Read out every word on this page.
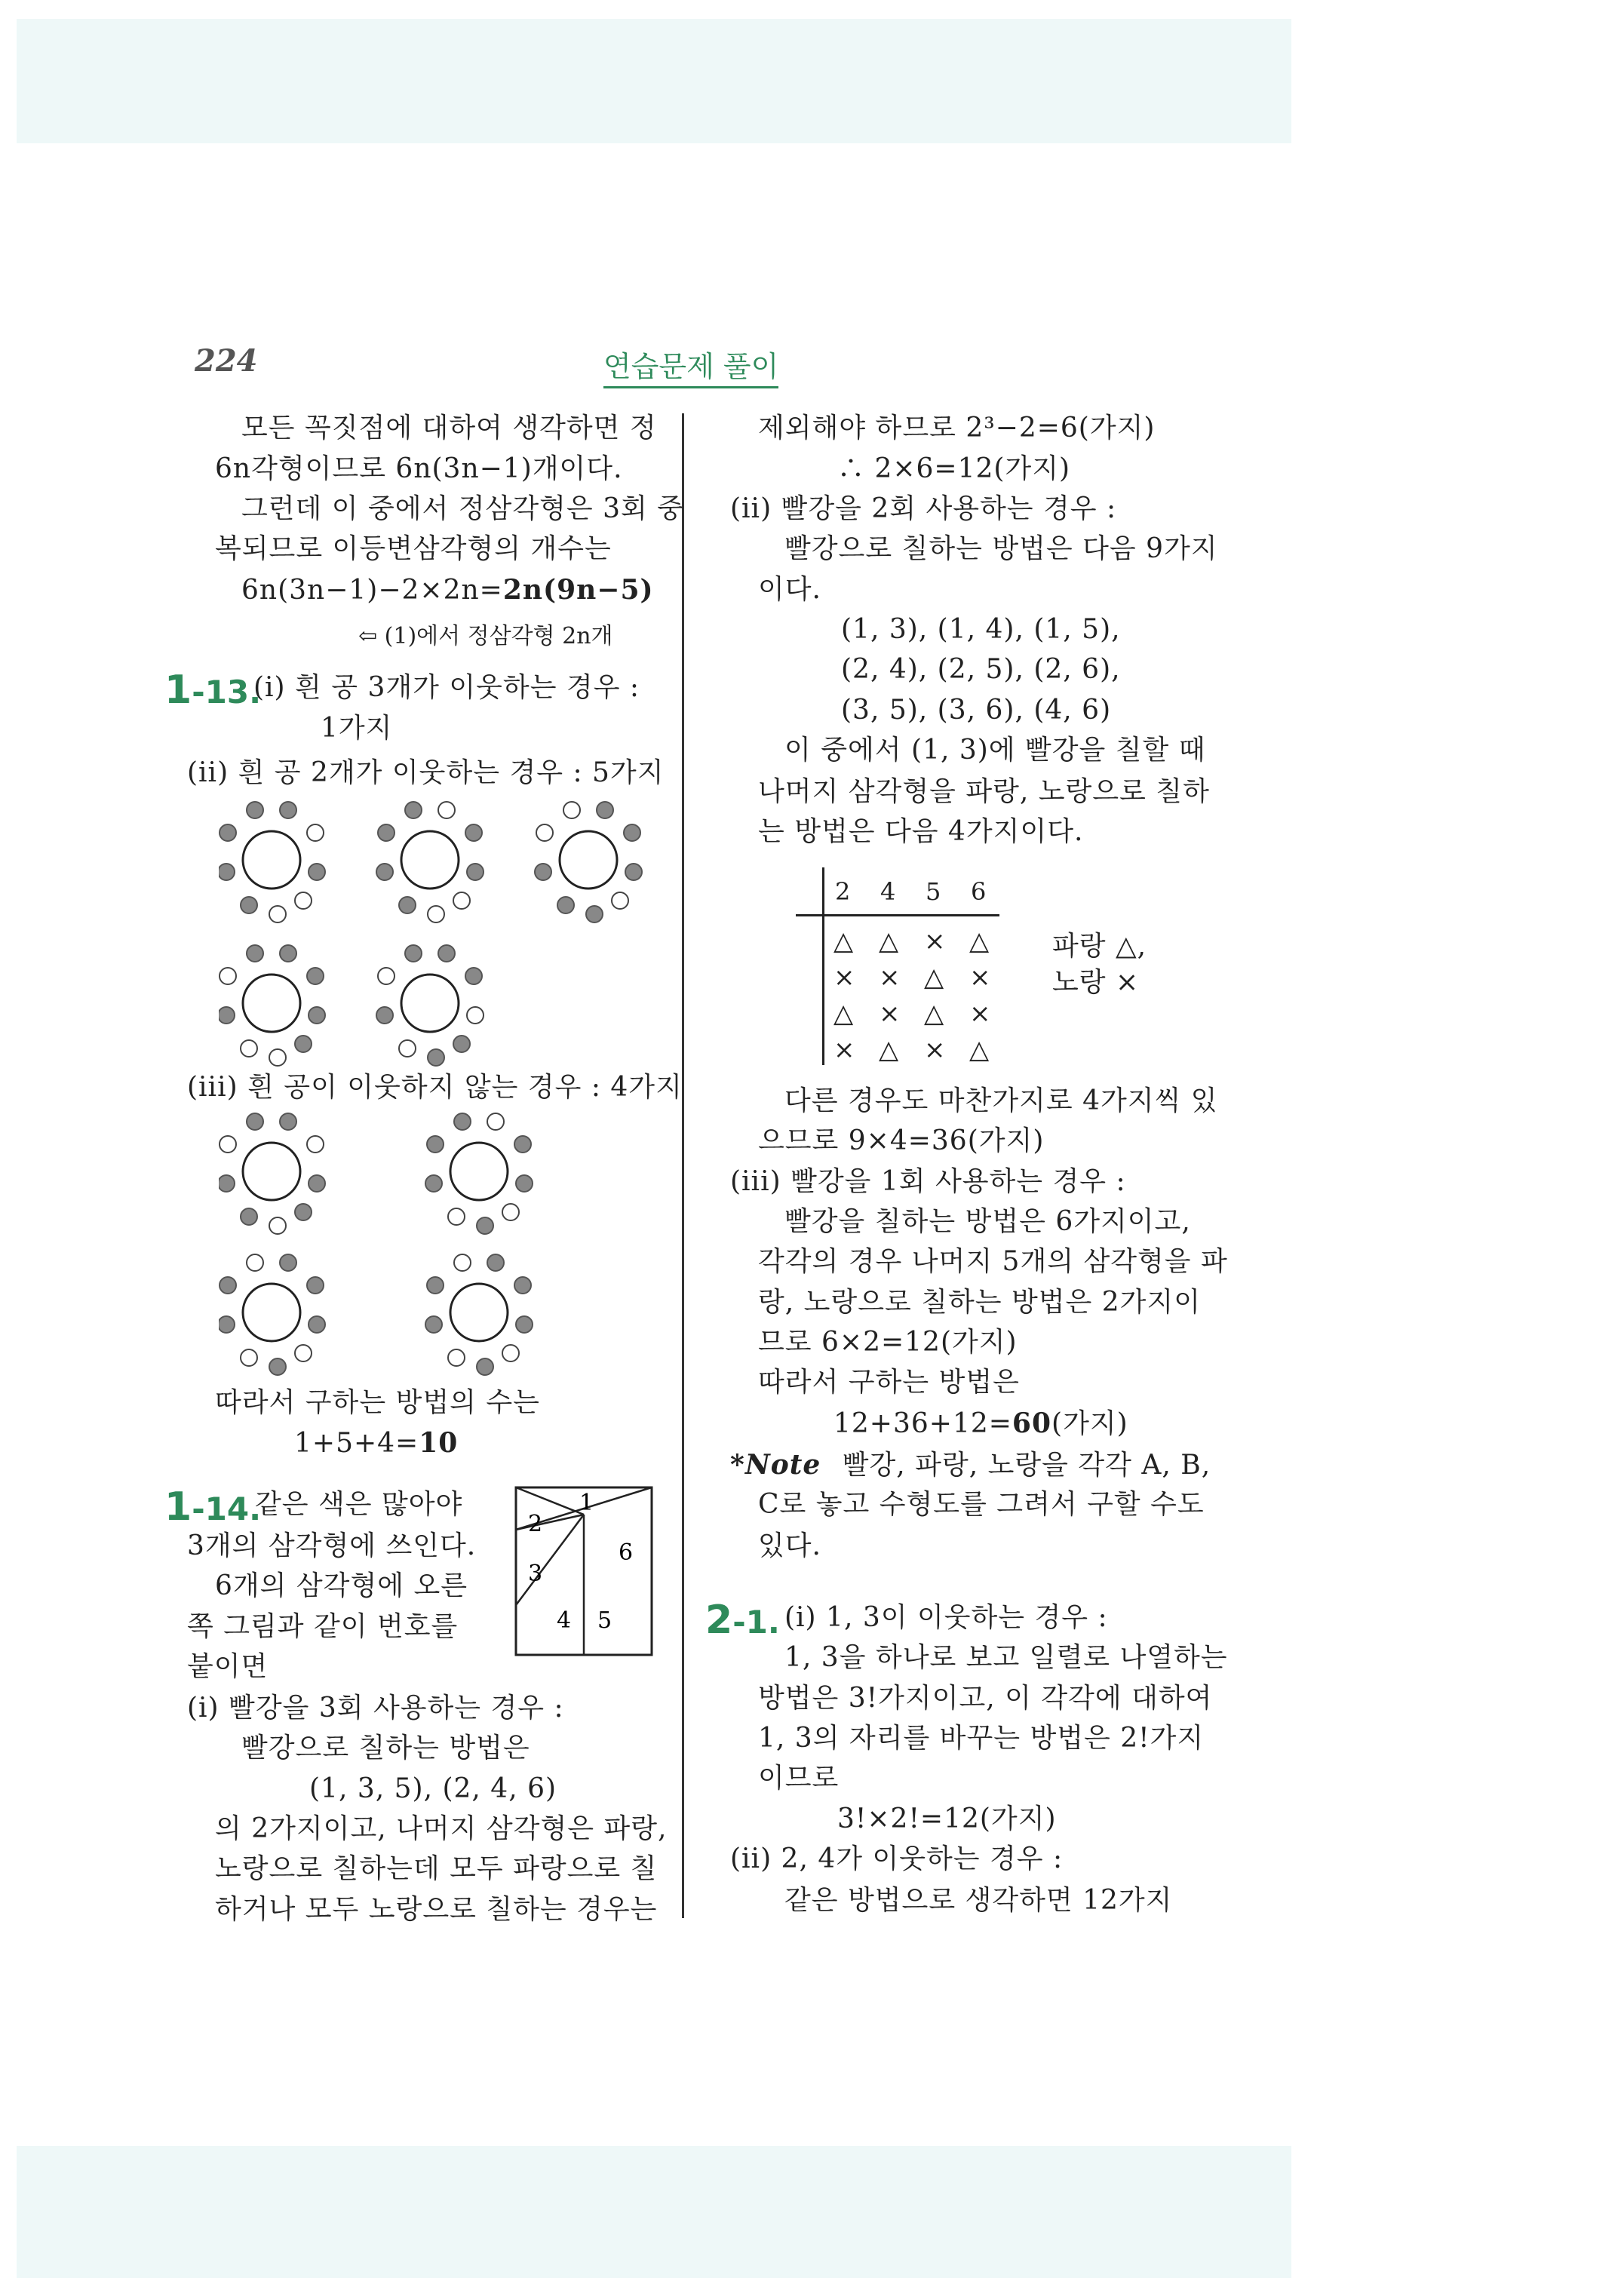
224	연습문제 풀이
모든 꼭짓점에 대하여 생각하면 정
6n각형이므로 6n(3n−1)개이다.
그런데 이 중에서 정삼각형은 3회 중
복되므로 이등변삼각형의 개수는
6n(3n−1)−2×2n=2n(9n−5)
⇦ (1)에서 정삼각형 2n개
1-13.
(i) 흰 공 3개가 이웃하는 경우 :
1가지
(ii) 흰 공 2개가 이웃하는 경우 : 5가지
(iii) 흰 공이 이웃하지 않는 경우 : 4가지
따라서 구하는 방법의 수는
1+5+4=10
1-14.
같은 색은 많아야
3개의 삼각형에 쓰인다.
6개의 삼각형에 오른
쪽 그림과 같이 번호를
붙이면
1
2
3
4 5
6
(i) 빨강을 3회 사용하는 경우 :
빨강으로 칠하는 방법은
(1, 3, 5), (2, 4, 6)
의 2가지이고, 나머지 삼각형은 파랑,
노랑으로 칠하는데 모두 파랑으로 칠
하거나 모두 노랑으로 칠하는 경우는
제외해야 하므로 2³−2=6(가지)
∴ 2×6=12(가지)
(ii) 빨강을 2회 사용하는 경우 :
빨강으로 칠하는 방법은 다음 9가지
이다.
(1, 3), (1, 4), (1, 5),
(2, 4), (2, 5), (2, 6),
(3, 5), (3, 6), (4, 6)
이 중에서 (1, 3)에 빨강을 칠할 때
나머지 삼각형을 파랑, 노랑으로 칠하
는 방법은 다음 4가지이다.
2	4	5	6
△ △ × △
× × △ ×
△ × △ ×
× △ × △
파랑 △,
노랑 ×
다른 경우도 마찬가지로 4가지씩 있
으므로 9×4=36(가지)
(iii) 빨강을 1회 사용하는 경우 :
빨강을 칠하는 방법은 6가지이고,
각각의 경우 나머지 5개의 삼각형을 파
랑, 노랑으로 칠하는 방법은 2가지이
므로 6×2=12(가지)
따라서 구하는 방법은
12+36+12=60(가지)
*Note 빨강, 파랑, 노랑을 각각 A, B,
C로 놓고 수형도를 그려서 구할 수도
있다.
2-1. (i) 1, 3이 이웃하는 경우 :
1, 3을 하나로 보고 일렬로 나열하는
방법은 3!가지이고, 이 각각에 대하여
1, 3의 자리를 바꾸는 방법은 2!가지
이므로
3!×2!=12(가지)
(ii) 2, 4가 이웃하는 경우 :
같은 방법으로 생각하면 12가지
